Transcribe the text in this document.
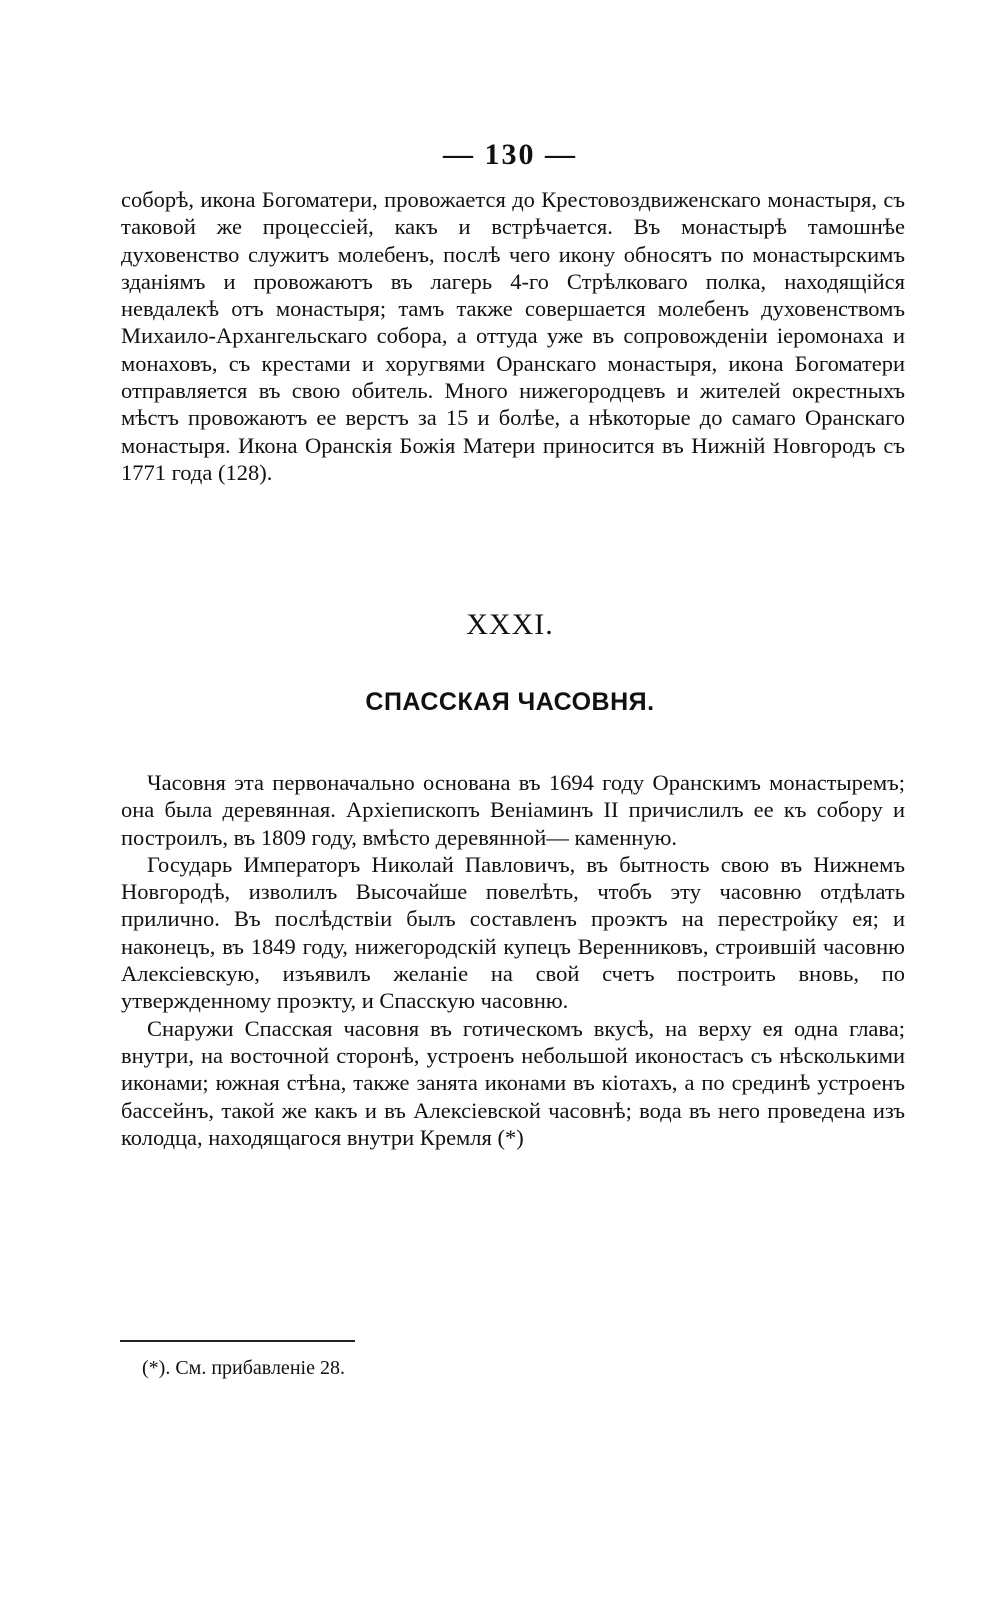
— 130 —

соборѣ, икона Богоматери, провожается до Крестовоздвиженскаго монастыря, съ таковой же процессіей, какъ и встрѣчается. Въ монастырѣ тамошнѣе духовенство служитъ молебенъ, послѣ чего икону обносятъ по монастырскимъ зданіямъ и провожаютъ въ лагерь 4-го Стрѣлковаго полка, находящійся невдалекѣ отъ монастыря; тамъ также совершается молебенъ духовенствомъ Михаило-Архангельскаго собора, а оттуда уже въ сопровожденіи іеромонаха и монаховъ, съ крестами и хоругвями Оранскаго монастыря, икона Богоматери отправляется въ свою обитель. Много нижегородцевъ и жителей окрестныхъ мѣстъ провожаютъ ее верстъ за 15 и болѣе, а нѣкоторые до самаго Оранскаго монастыря. Икона Оранскія Божія Матери приносится въ Нижній Новгородъ съ 1771 года (128).

XXXI.
СПАССКАЯ ЧАСОВНЯ.

Часовня эта первоначально основана въ 1694 году Оранскимъ монастыремъ; она была деревянная. Архіепископъ Веніаминъ II причислилъ ее къ собору и построилъ, въ 1809 году, вмѣсто деревянной— каменную.

Государь Императоръ Николай Павловичъ, въ бытность свою въ Нижнемъ Новгородѣ, изволилъ Высочайше повелѣть, чтобъ эту часовню отдѣлать прилично. Въ послѣдствіи былъ составленъ проэктъ на перестройку ея; и наконецъ, въ 1849 году, нижегородскій купецъ Веренниковъ, строившій часовню Алексіевскую, изъявилъ желаніе на свой счетъ построить вновь, по утвержденному проэкту, и Спасскую часовню.

Снаружи Спасская часовня въ готическомъ вкусѣ, на верху ея одна глава; внутри, на восточной сторонѣ, устроенъ небольшой иконостасъ съ нѣсколькими иконами; южная стѣна, также занята иконами въ кіотахъ, а по срединѣ устроенъ бассейнъ, такой же какъ и въ Алексіевской часовнѣ; вода въ него проведена изъ колодца, находящагося внутри Кремля (*)

(*). См. прибавленіе 28.
